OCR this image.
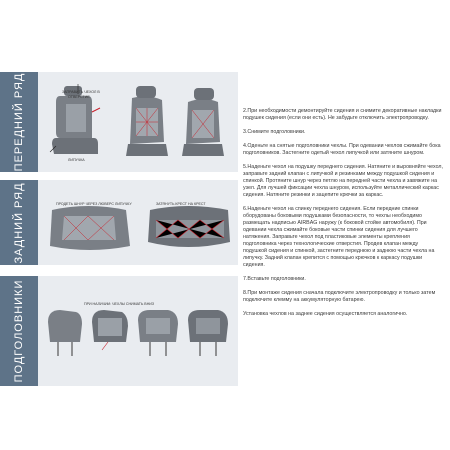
ПЕРЕДНИЙ РЯД	ЗАПРАВИТЬ ЧЕХОЛ В
ОТВЕРСТИЕ
ЛИПУЧКА
ЗАДНИЙ РЯД	ПРОДЕТЬ ШНУР ЧЕРЕЗ ЛЮВЕРС ЛИПУЧКУ	ЗАТЯНУТЬ КРЕСТ НА КРЕСТ
ПОДГОЛОВНИКИ	ПРИ НАЛИЧИИ: ЧЕХЛЫ СНИМАТЬ ВНИЗ

2.При необходимости демонтируйте сидения и снимите декоративные накладки подушек сидения (если они есть). Не забудьте отключить электропроводку.

3.Снимите подголовники.

4.Оденьте на снятые подголовники чехлы. При одевании чехлов сжимайте бока подголовников. Застегните одетый чехол липучкой или затяните шнуром.

5.Наденьте чехол на подушку переднего сидения. Натяните и выровняйте чехол, заправьте задний клапан с липучкой и резинками между подушкой сидения и спинкой. Протяните шнур через петлю на передней части чехла и завяжите на узел. Для лучшей фиксации чехла шнуром, используйте металлический каркас сидения. Натяните резинки и зацепите крючки за каркас.

6.Наденьте чехол на спинку переднего сидения. Если передние спинки оборудованы боковыми подушками безопасности, то чехлы необходимо размещать надписью AIRBAG наружу (к боковой стойке автомобиля). При одевании чехла сжимайте боковые части спинки сидения для лучшего натяжения. Заправьте чехол под пластиковые элементы крепления подголовника через технологические отверстия. Продев клапан между подушкой сидения и спинкой, застегните переднюю и заднюю части чехла на липучку. Задний клапан крепится с помощью крючков к каркасу подушки сидения.

7.Вставьте подголовники.

8.При монтаже сидения сначала подключите электропроводку и только затем подключите клемму на аккумуляторную батарею.

Установка чехлов на заднее сидения осуществляется аналогично.
